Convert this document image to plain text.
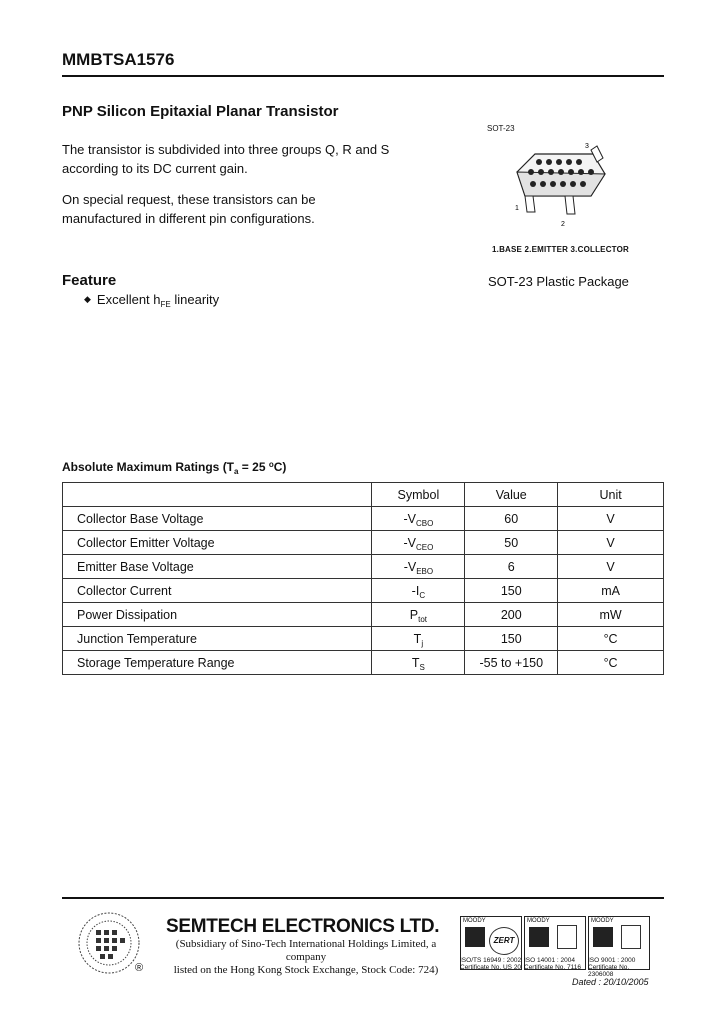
MMBTSA1576
PNP Silicon Epitaxial Planar Transistor
The transistor is subdivided into three groups Q, R and S according to its DC current gain.
On special request, these transistors can be manufactured in different pin configurations.
SOT-23
1
2
3
1.BASE 2.EMITTER 3.COLLECTOR
SOT-23 Plastic Package
Feature
◆ Excellent $h_{FE}$ linearity
Absolute Maximum Ratings ($T_a = 25$ $^o$C)
	Symbol	Value	Unit
Collector Base Voltage	$-V_{CBO}$	60	V
Collector Emitter Voltage	$-V_{CEO}$	50	V
Emitter Base Voltage	$-V_{EBO}$	6	V
Collector Current	$-I_C$	150	mA
Power Dissipation	$P_{tot}$	200	mW
Junction Temperature	$T_j$	150	°C
Storage Temperature Range	$T_S$	-55 to +150	°C
®
SEMTECH ELECTRONICS LTD.
(Subsidiary of Sino-Tech International Holdings Limited, a company
listed on the Hong Kong Stock Exchange, Stock Code: 724)
MOODY
ZERT
MOODY	MOODY
ISO/TS 16949 : 2002
Certificate No. US 20
ISO 14001 : 2004
Certificate No. 7116
ISO 9001 : 2000
Certificate No. 2306008
Dated : 20/10/2005
